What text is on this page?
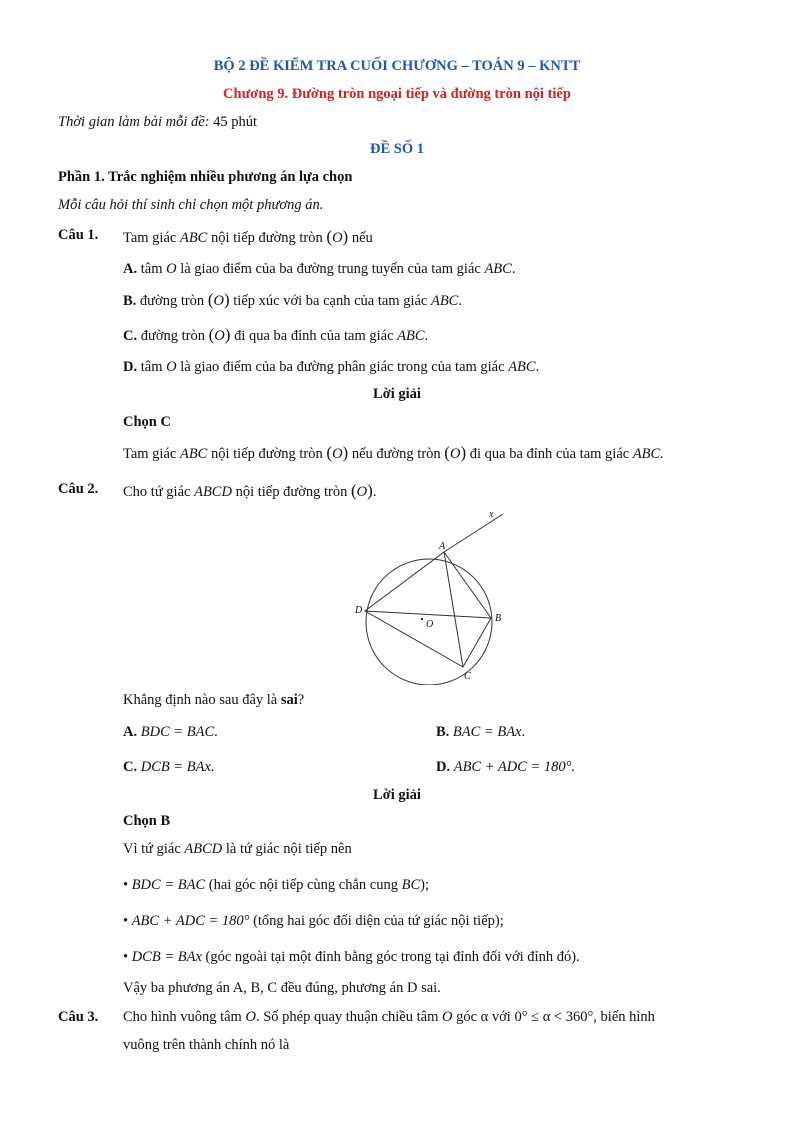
BỘ 2 ĐỀ KIỂM TRA CUỐI CHƯƠNG – TOÁN 9 – KNTT
Chương 9. Đường tròn ngoại tiếp và đường tròn nội tiếp
Thời gian làm bài mỗi đề: 45 phút
ĐỀ SỐ 1
Phần 1. Trắc nghiệm nhiều phương án lựa chọn
Mỗi câu hỏi thí sinh chỉ chọn một phương án.
Câu 1. Tam giác ABC nội tiếp đường tròn (O) nếu
A. tâm O là giao điểm của ba đường trung tuyến của tam giác ABC.
B. đường tròn (O) tiếp xúc với ba cạnh của tam giác ABC.
C. đường tròn (O) đi qua ba đỉnh của tam giác ABC.
D. tâm O là giao điểm của ba đường phân giác trong của tam giác ABC.
Lời giải
Chọn C
Tam giác ABC nội tiếp đường tròn (O) nếu đường tròn (O) đi qua ba đỉnh của tam giác ABC.
Câu 2. Cho tứ giác ABCD nội tiếp đường tròn (O).
A
B
C
D
O
x
Khẳng định nào sau đây là sai?
A. BDC = BAC.	B. BAC = BAx.
C. DCB = BAx.	D. ABC + ADC = 180°.
Lời giải
Chọn B
Vì tứ giác ABCD là tứ giác nội tiếp nên
• BDC = BAC (hai góc nội tiếp cùng chắn cung BC);
• ABC + ADC = 180° (tổng hai góc đối diện của tứ giác nội tiếp);
• DCB = BAx (góc ngoài tại một đỉnh bằng góc trong tại đỉnh đối với đỉnh đó).
Vậy ba phương án A, B, C đều đúng, phương án D sai.
Câu 3. Cho hình vuông tâm O. Số phép quay thuận chiều tâm O góc α với 0° ≤ α < 360°, biến hình
vuông trên thành chính nó là
